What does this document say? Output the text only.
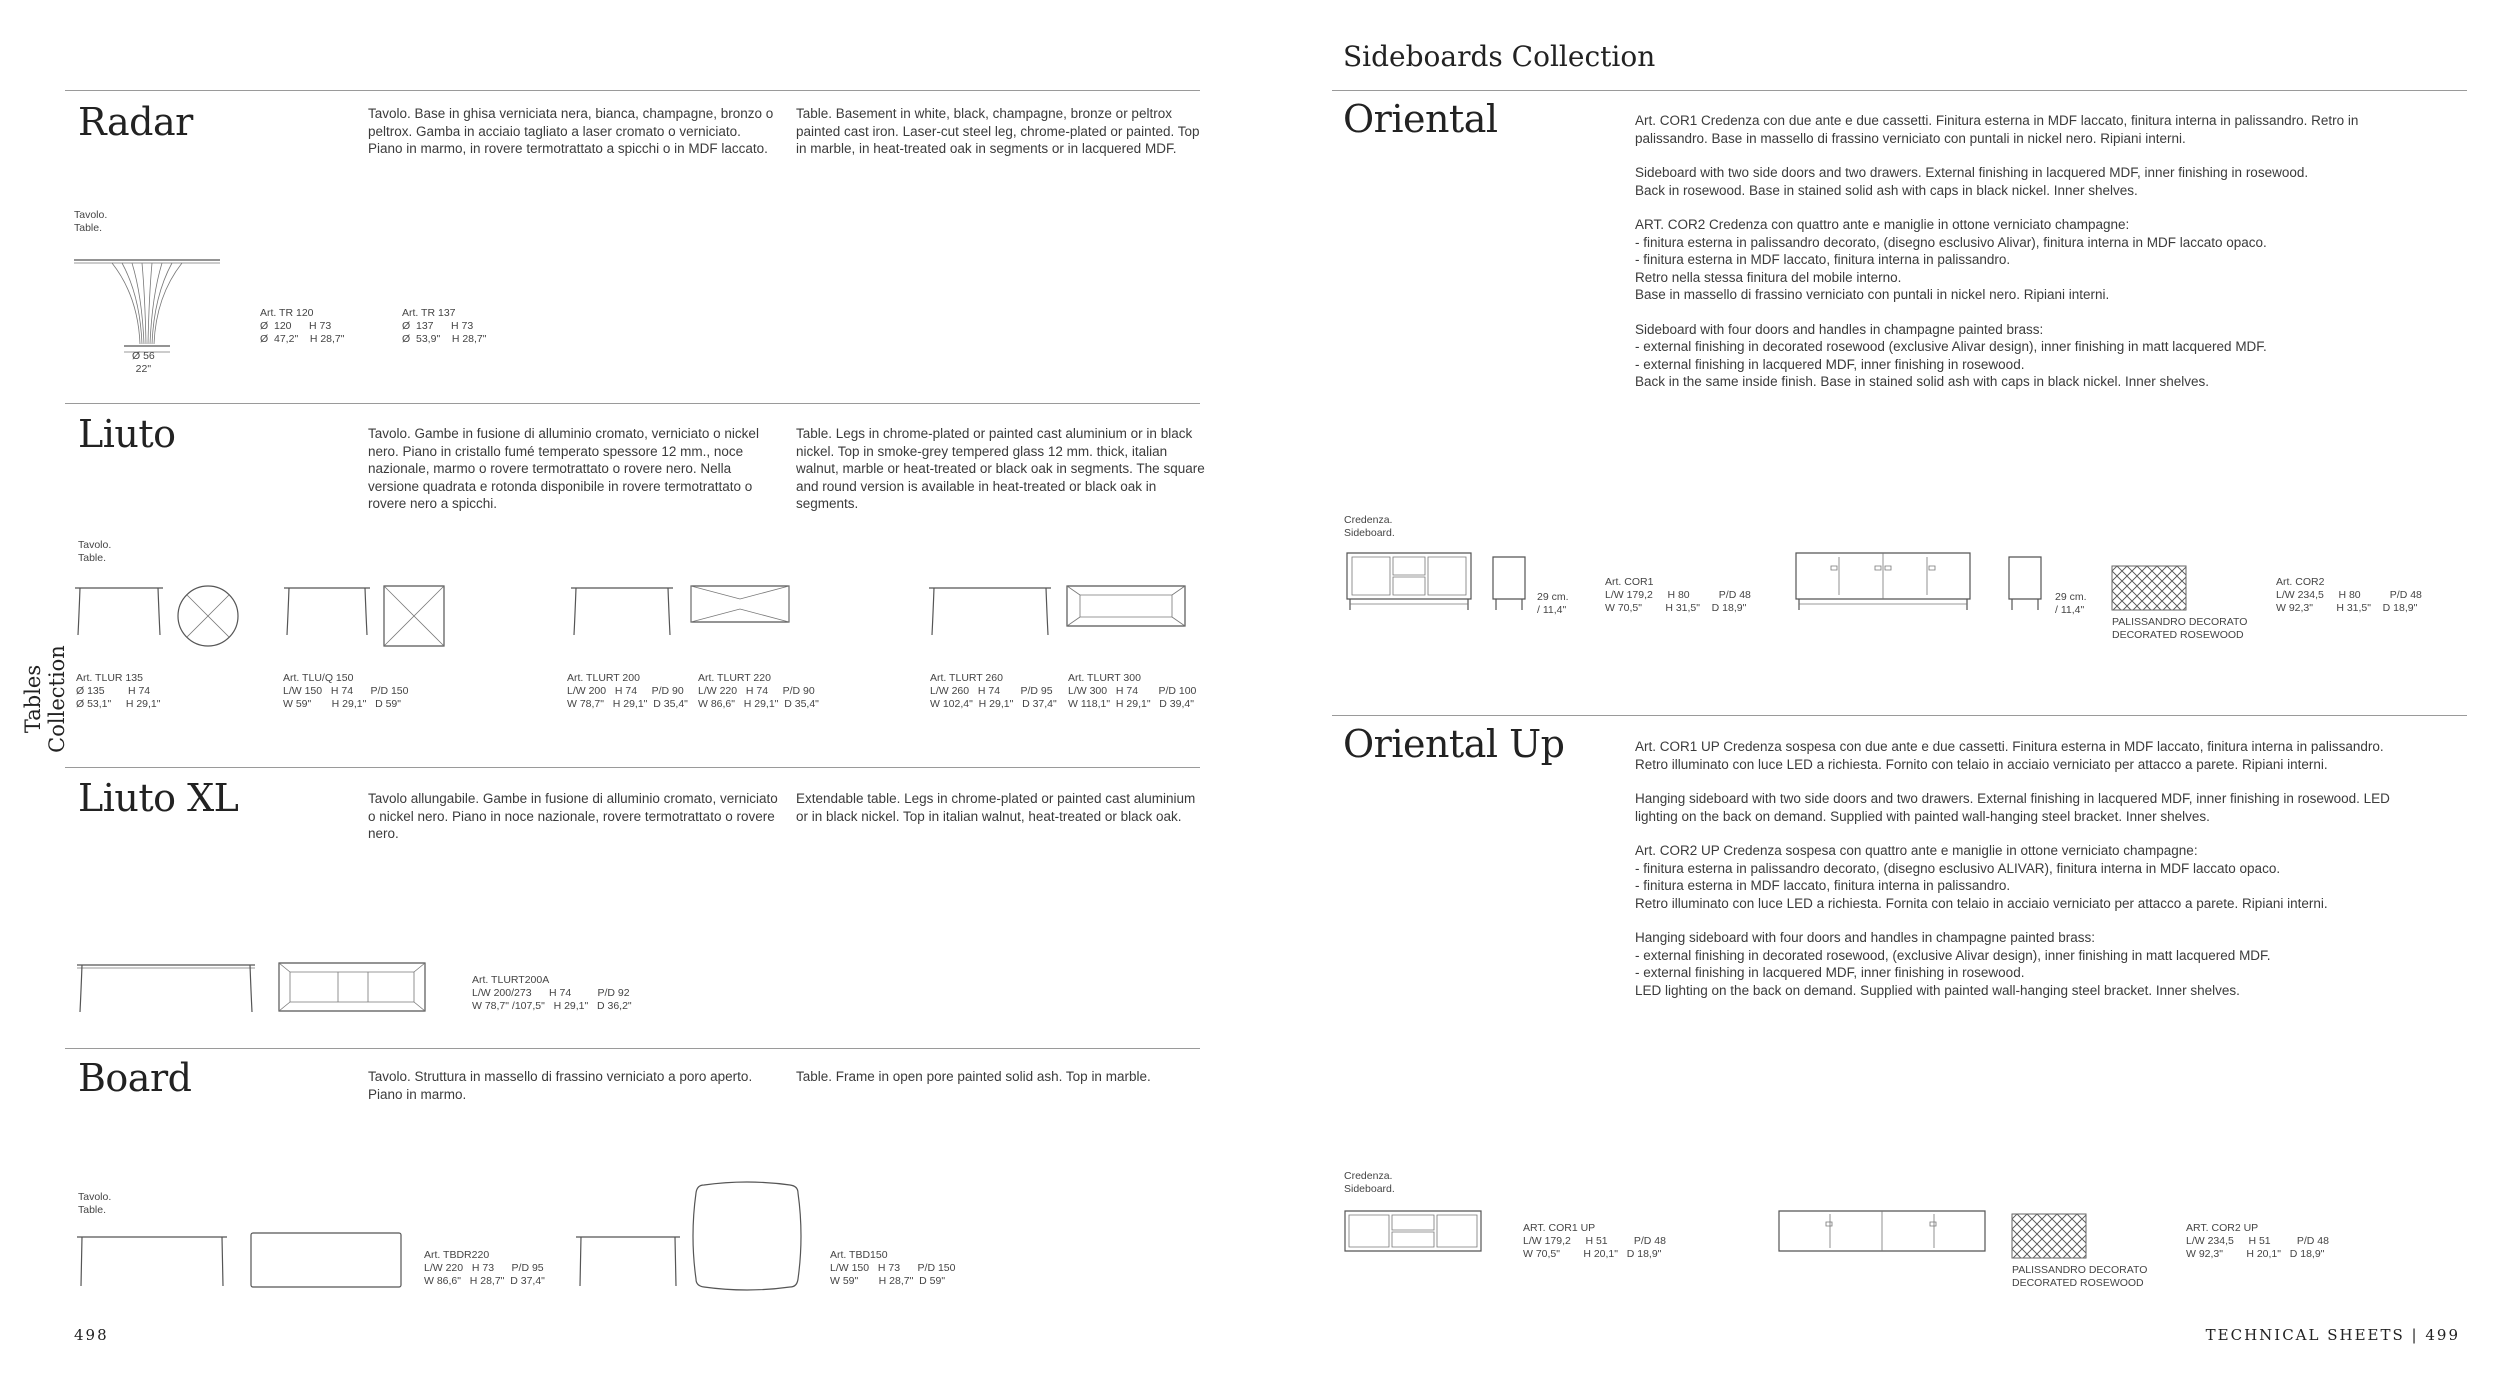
Tables Collection
Radar	Tavolo. Base in ghisa verniciata nera, bianca, champagne, bronzo o peltrox. Gamba in acciaio tagliato a laser cromato o verniciato. Piano in marmo, in rovere termotrattato a spicchi o in MDF laccato.
Table. Basement in white, black, champagne, bronze or peltrox painted cast iron. Laser-cut steel leg, chrome-plated or painted. Top in marble, in heat-treated oak in segments or in lacquered MDF.
Tavolo.
Table.
Ø 56
22"
Art. TR 120
Ø  120      H 73
Ø  47,2"    H 28,7"
Art. TR 137
Ø  137      H 73
Ø  53,9"    H 28,7"
Liuto	Tavolo. Gambe in fusione di alluminio cromato, verniciato o nickel nero. Piano in cristallo fumé temperato spessore 12 mm., noce nazionale, marmo o rovere termotrattato o rovere nero. Nella versione quadrata e rotonda disponibile in rovere termotrattato o rovere nero a spicchi.
Table. Legs in chrome-plated or painted cast aluminium or in black nickel. Top in smoke-grey tempered glass 12 mm. thick, italian walnut, marble or heat-treated or black oak in segments. The square and round version is available in heat-treated or black oak in segments.
Tavolo.
Table.
Art. TLUR 135
Ø 135        H 74
Ø 53,1"     H 29,1"
Art. TLU/Q 150
L/W 150   H 74      P/D 150
W 59"       H 29,1"   D 59"
Art. TLURT 200
L/W 200   H 74     P/D 90
W 78,7"   H 29,1"  D 35,4"
Art. TLURT 220
L/W 220   H 74     P/D 90
W 86,6"   H 29,1"  D 35,4"
Art. TLURT 260
L/W 260   H 74       P/D 95
W 102,4"  H 29,1"   D 37,4"
Art. TLURT 300
L/W 300   H 74       P/D 100
W 118,1"  H 29,1"   D 39,4"
Liuto XL	Tavolo allungabile. Gambe in fusione di alluminio cromato, verniciato o nickel nero. Piano in noce nazionale, rovere termotrattato o rovere nero.
Extendable table. Legs in chrome-plated or painted cast aluminium or in black nickel. Top in italian walnut, heat-treated or black oak.
Art. TLURT200A
L/W 200/273      H 74         P/D 92
W 78,7" /107,5"   H 29,1"   D 36,2"
Board	Tavolo. Struttura in massello di frassino verniciato a poro aperto. Piano in marmo.
Table. Frame in open pore painted solid ash. Top in marble.
Tavolo.
Table.
Art. TBDR220
L/W 220   H 73      P/D 95
W 86,6"   H 28,7"  D 37,4"
Art. TBD150
L/W 150   H 73      P/D 150
W 59"       H 28,7"  D 59"
498
Sideboards Collection
Oriental	Art. COR1 Credenza con due ante e due cassetti. Finitura esterna in MDF laccato, finitura interna in palissandro. Retro in
palissandro. Base in massello di frassino verniciato con puntali in nickel nero. Ripiani interni.

Sideboard with two side doors and two drawers. External finishing in lacquered MDF, inner finishing in rosewood.
Back in rosewood. Base in stained solid ash with caps in black nickel. Inner shelves.

ART. COR2 Credenza con quattro ante e maniglie in ottone verniciato champagne:
- finitura esterna in palissandro decorato, (disegno esclusivo Alivar), finitura interna in MDF laccato opaco.
- finitura esterna in MDF laccato, finitura interna in palissandro.
Retro nella stessa finitura del mobile interno.
Base in massello di frassino verniciato con puntali in nickel nero. Ripiani interni.

Sideboard with four doors and handles in champagne painted brass:
- external finishing in decorated rosewood (exclusive Alivar design), inner finishing in matt lacquered MDF.
- external finishing in lacquered MDF, inner finishing in rosewood.
Back in the same inside finish. Base in stained solid ash with caps in black nickel. Inner shelves.

Credenza.
Sideboard.
29 cm.
/ 11,4"
Art. COR1
L/W 179,2     H 80          P/D 48
W 70,5"        H 31,5"    D 18,9"
29 cm.
/ 11,4"
PALISSANDRO DECORATO
DECORATED ROSEWOOD
Art. COR2
L/W 234,5     H 80          P/D 48
W 92,3"        H 31,5"    D 18,9"
Oriental Up	Art. COR1 UP Credenza sospesa con due ante e due cassetti. Finitura esterna in MDF laccato, finitura interna in palissandro.
Retro illuminato con luce LED a richiesta. Fornito con telaio in acciaio verniciato per attacco a parete. Ripiani interni.

Hanging sideboard with two side doors and two drawers. External finishing in lacquered MDF, inner finishing in rosewood. LED
lighting on the back on demand. Supplied with painted wall-hanging steel bracket. Inner shelves.

Art. COR2 UP Credenza sospesa con quattro ante e maniglie in ottone verniciato champagne:
- finitura esterna in palissandro decorato, (disegno esclusivo ALIVAR), finitura interna in MDF laccato opaco.
- finitura esterna in MDF laccato, finitura interna in palissandro.
Retro illuminato con luce LED a richiesta. Fornita con telaio in acciaio verniciato per attacco a parete. Ripiani interni.

Hanging sideboard with four doors and handles in champagne painted brass:
- external finishing in decorated rosewood, (exclusive Alivar design), inner finishing in matt lacquered MDF.
- external finishing in lacquered MDF, inner finishing in rosewood.
LED lighting on the back on demand. Supplied with painted wall-hanging steel bracket. Inner shelves.

Credenza.
Sideboard.
ART. COR1 UP
L/W 179,2     H 51         P/D 48
W 70,5"        H 20,1"   D 18,9"
PALISSANDRO DECORATO
DECORATED ROSEWOOD
ART. COR2 UP
L/W 234,5     H 51         P/D 48
W 92,3"        H 20,1"   D 18,9"
TECHNICAL SHEETS | 499
